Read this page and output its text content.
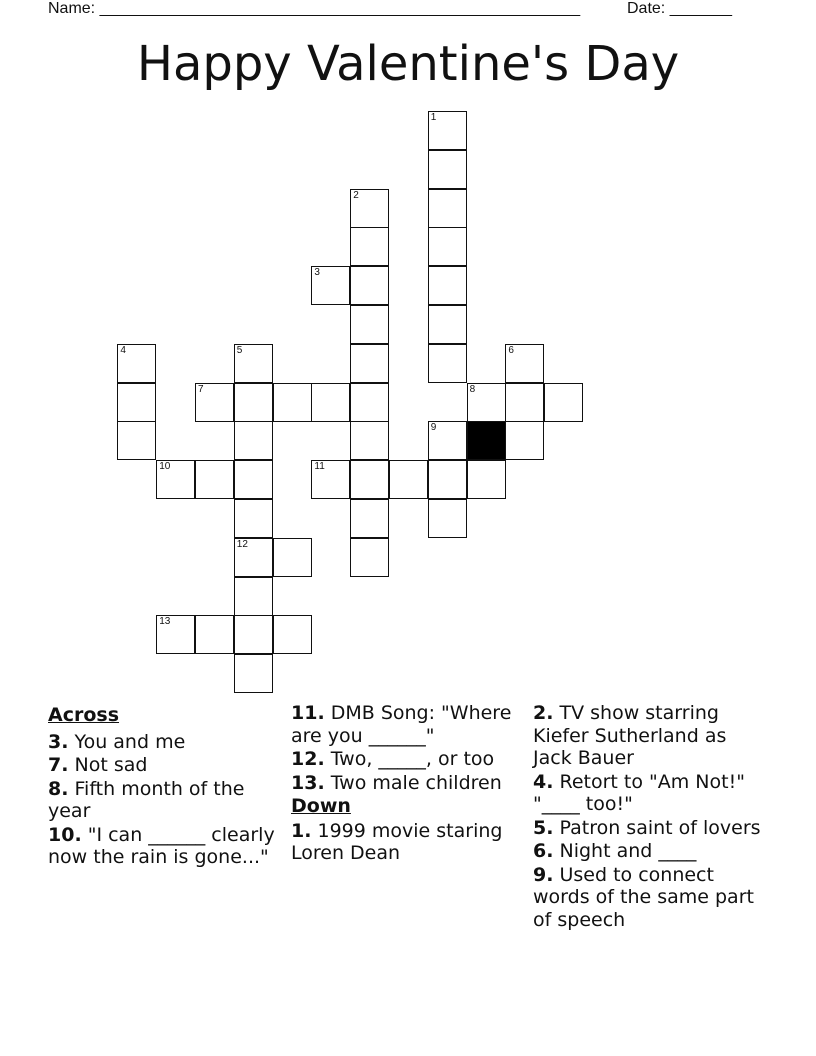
Name: ______________________________________________________	Date: _______
Happy Valentine's Day
1
2
3
4	5	6
7	8
9
10	11
12
13
Across
3. You and me
7. Not sad
8. Fifth month of the year
10. "I can ______ clearly now the rain is gone..."
11. DMB Song: "Where are you ______"
12. Two, _____, or too
13. Two male children
Down
1. 1999 movie staring Loren Dean
2. TV show starring Kiefer Sutherland as Jack Bauer
4. Retort to "Am Not!" "____ too!"
5. Patron saint of lovers
6. Night and ____
9. Used to connect words of the same part of speech
